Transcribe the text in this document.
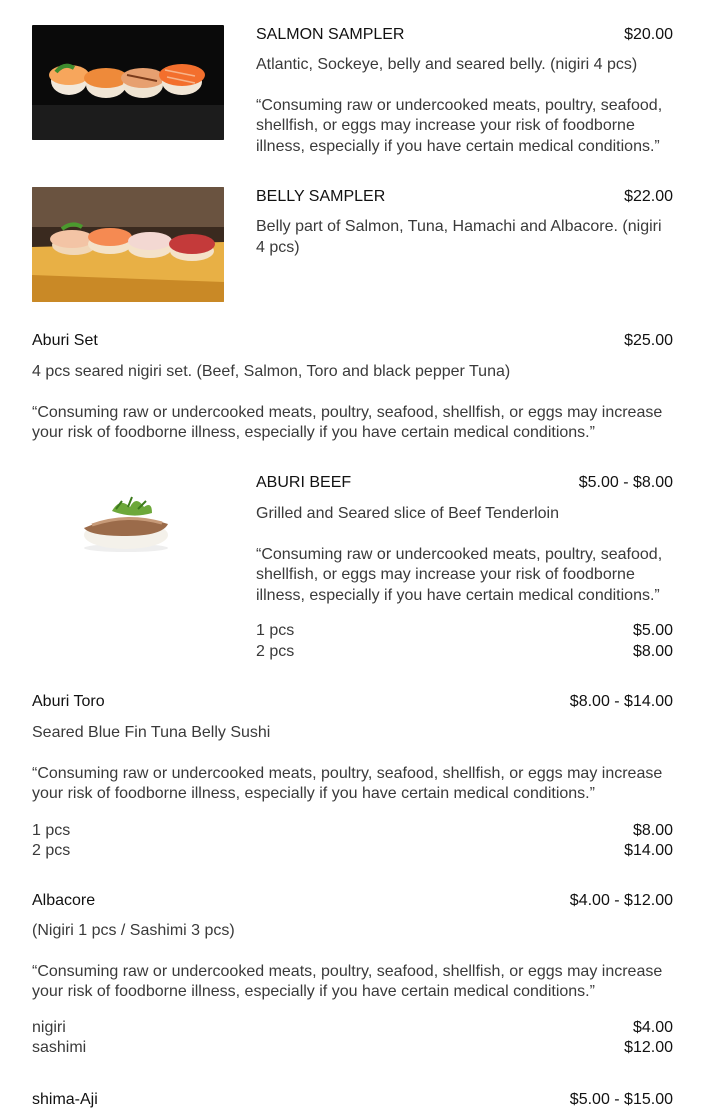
SALMON SAMPLER	$20.00

Atlantic, Sockeye, belly and seared belly. (nigiri 4 pcs)

“Consuming raw or undercooked meats, poultry, seafood, shellfish, or eggs may increase your risk of foodborne illness, especially if you have certain medical conditions.”

BELLY SAMPLER	$22.00

Belly part of Salmon, Tuna, Hamachi and Albacore. (nigiri 4 pcs)

Aburi Set	$25.00

4 pcs seared nigiri set. (Beef, Salmon, Toro and black pepper Tuna)

“Consuming raw or undercooked meats, poultry, seafood, shellfish, or eggs may increase your risk of foodborne illness, especially if you have certain medical conditions.”

ABURI BEEF	$5.00 - $8.00

Grilled and Seared slice of Beef Tenderloin

“Consuming raw or undercooked meats, poultry, seafood, shellfish, or eggs may increase your risk of foodborne illness, especially if you have certain medical conditions.”

1 pcs	$5.00
2 pcs	$8.00
Aburi Toro	$8.00 - $14.00

Seared Blue Fin Tuna Belly Sushi

“Consuming raw or undercooked meats, poultry, seafood, shellfish, or eggs may increase your risk of foodborne illness, especially if you have certain medical conditions.”

1 pcs	$8.00
2 pcs	$14.00
Albacore	$4.00 - $12.00

(Nigiri 1 pcs / Sashimi 3 pcs)

“Consuming raw or undercooked meats, poultry, seafood, shellfish, or eggs may increase your risk of foodborne illness, especially if you have certain medical conditions.”

nigiri	$4.00
sashimi	$12.00
shima-Aji	$5.00 - $15.00
